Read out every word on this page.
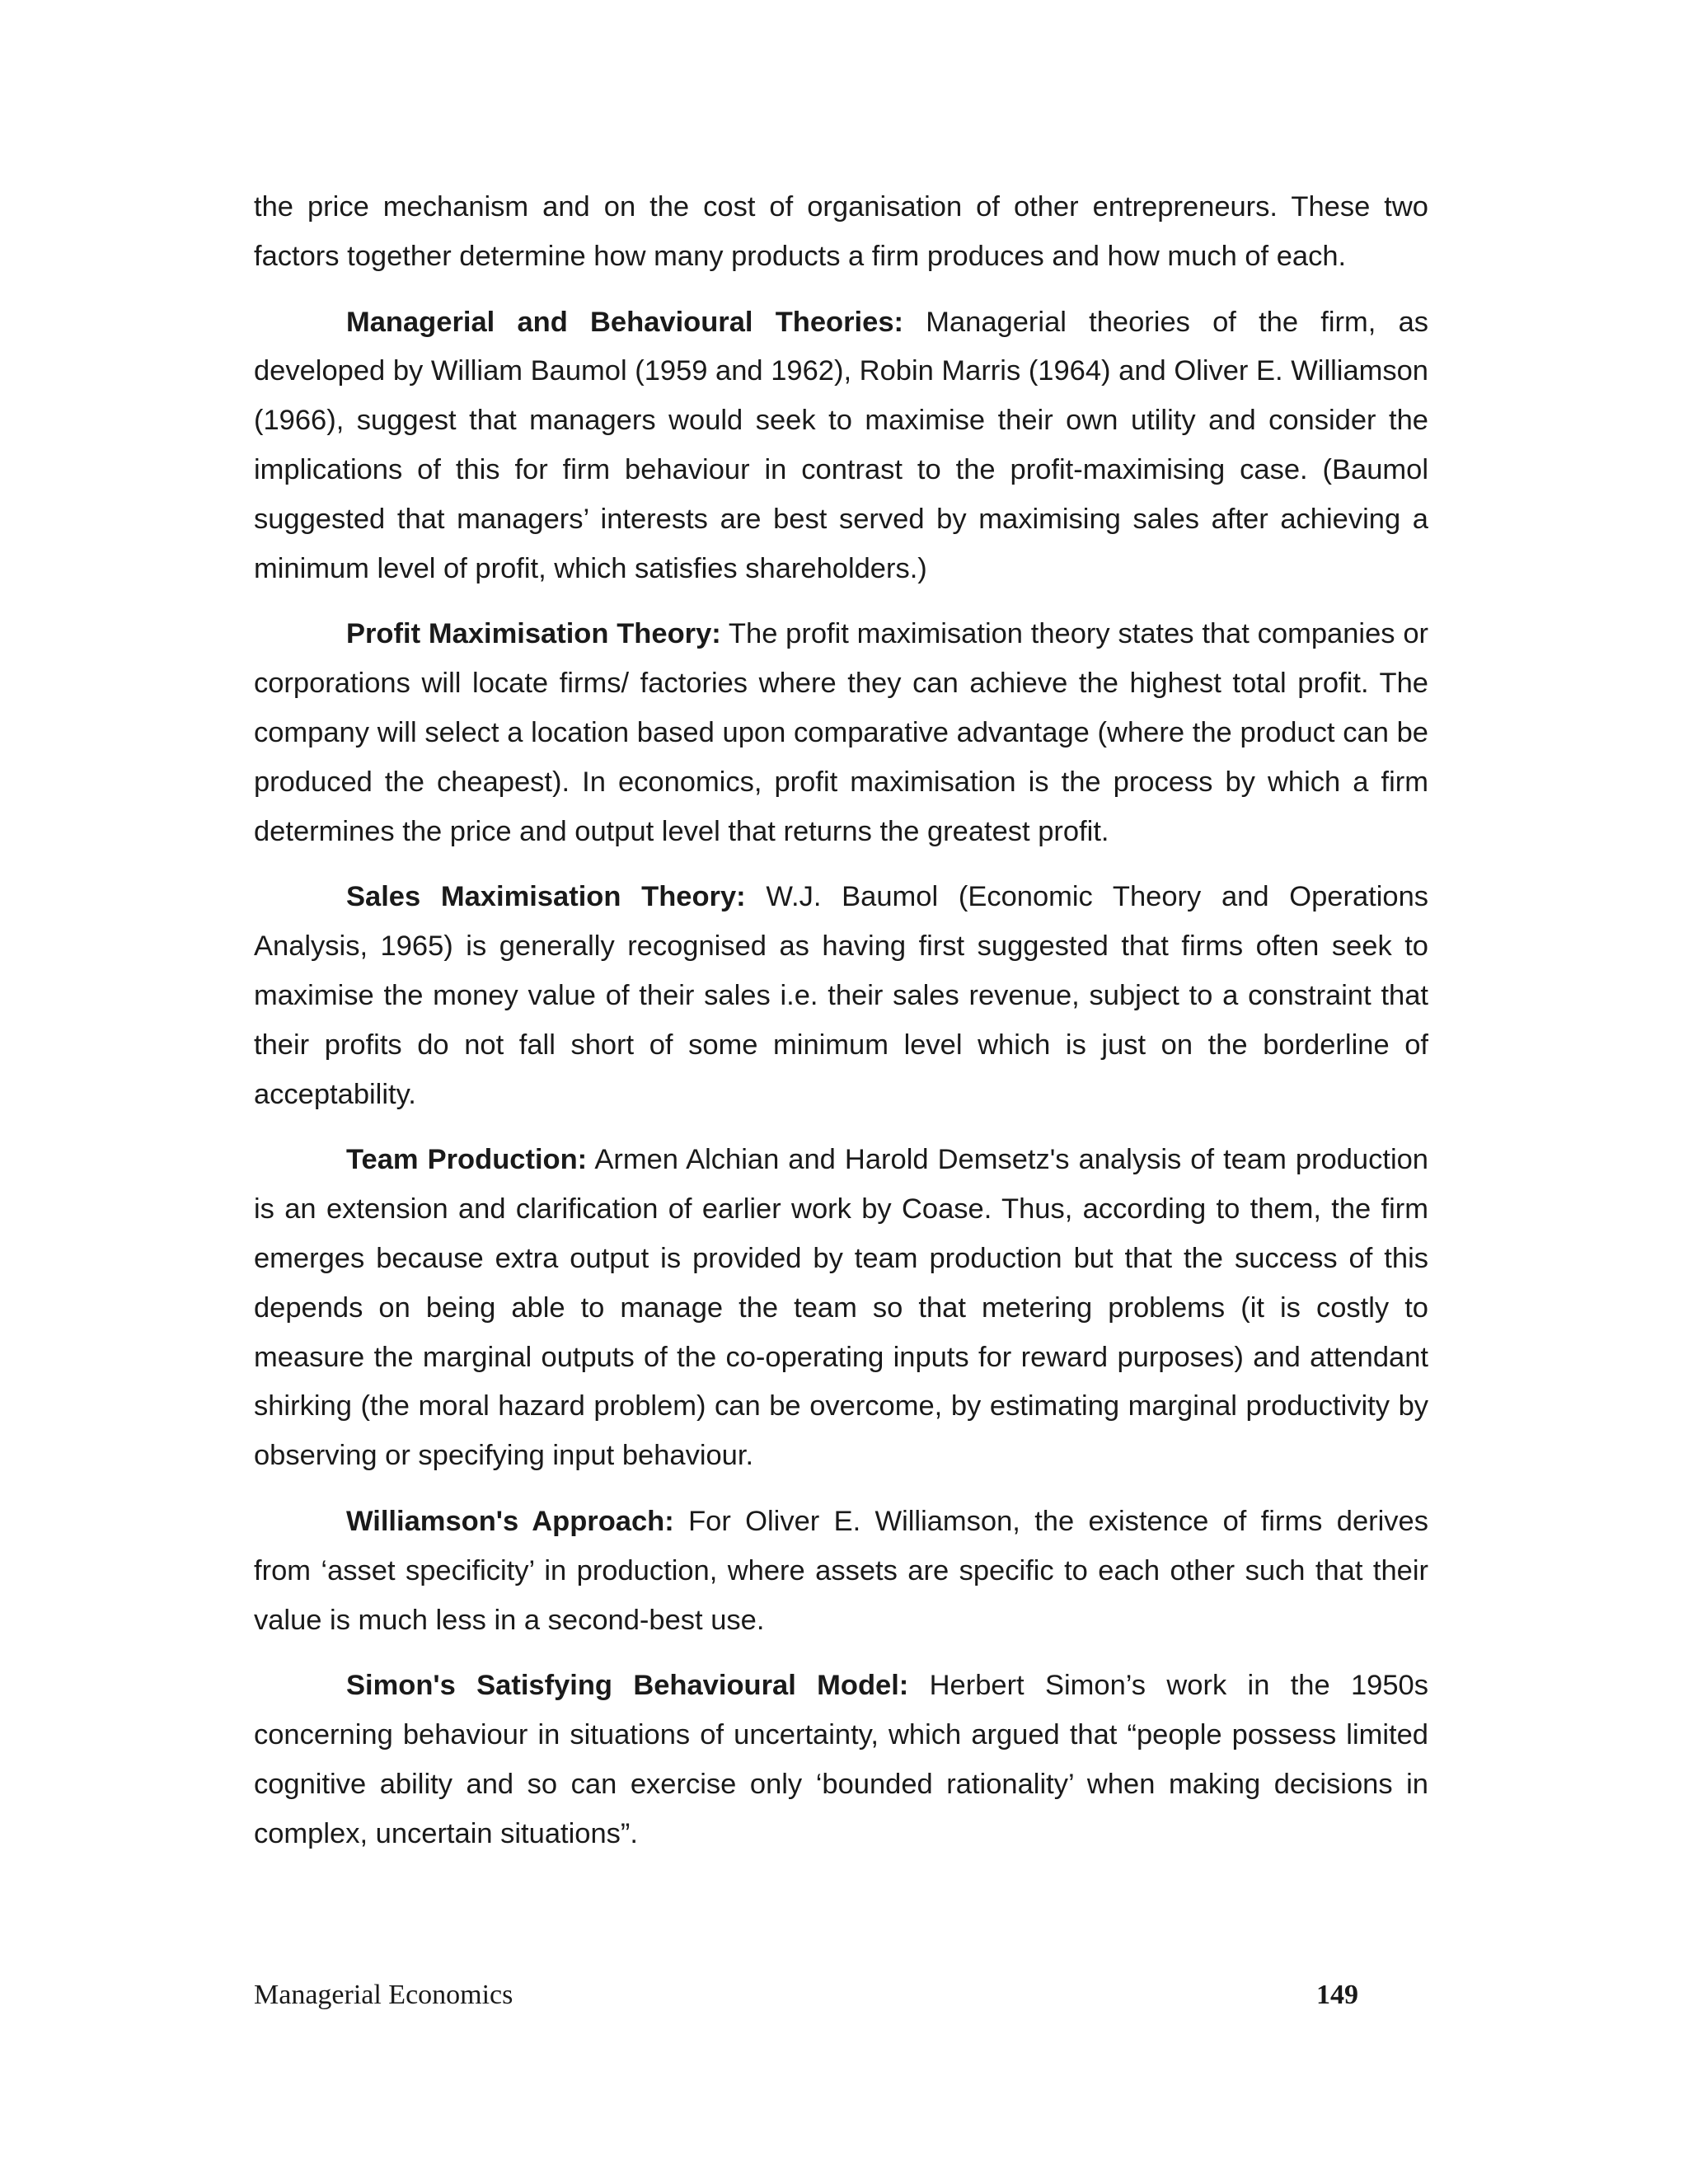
the price mechanism and on the cost of organisation of other entrepreneurs. These two factors together determine how many products a firm produces and how much of each.

Managerial and Behavioural Theories: Managerial theories of the firm, as developed by William Baumol (1959 and 1962), Robin Marris (1964) and Oliver E. Williamson (1966), suggest that managers would seek to maximise their own utility and consider the implications of this for firm behaviour in contrast to the profit-maximising case. (Baumol suggested that managers’ interests are best served by maximising sales after achieving a minimum level of profit, which satisfies shareholders.)

Profit Maximisation Theory: The profit maximisation theory states that companies or corporations will locate firms/ factories where they can achieve the highest total profit. The company will select a location based upon comparative advantage (where the product can be produced the cheapest). In economics, profit maximisation is the process by which a firm determines the price and output level that returns the greatest profit.

Sales Maximisation Theory: W.J. Baumol (Economic Theory and Operations Analysis, 1965) is generally recognised as having first suggested that firms often seek to maximise the money value of their sales i.e. their sales revenue, subject to a constraint that their profits do not fall short of some minimum level which is just on the borderline of acceptability.

Team Production: Armen Alchian and Harold Demsetz's analysis of team production is an extension and clarification of earlier work by Coase. Thus, according to them, the firm emerges because extra output is provided by team production but that the success of this depends on being able to manage the team so that metering problems (it is costly to measure the marginal outputs of the co-operating inputs for reward purposes) and attendant shirking (the moral hazard problem) can be overcome, by estimating marginal productivity by observing or specifying input behaviour.

Williamson's Approach: For Oliver E. Williamson, the existence of firms derives from ‘asset specificity’ in production, where assets are specific to each other such that their value is much less in a second-best use.

Simon's Satisfying Behavioural Model: Herbert Simon’s work in the 1950s concerning behaviour in situations of uncertainty, which argued that “people possess limited cognitive ability and so can exercise only ‘bounded rationality’ when making decisions in complex, uncertain situations”.

Managerial Economics	149
